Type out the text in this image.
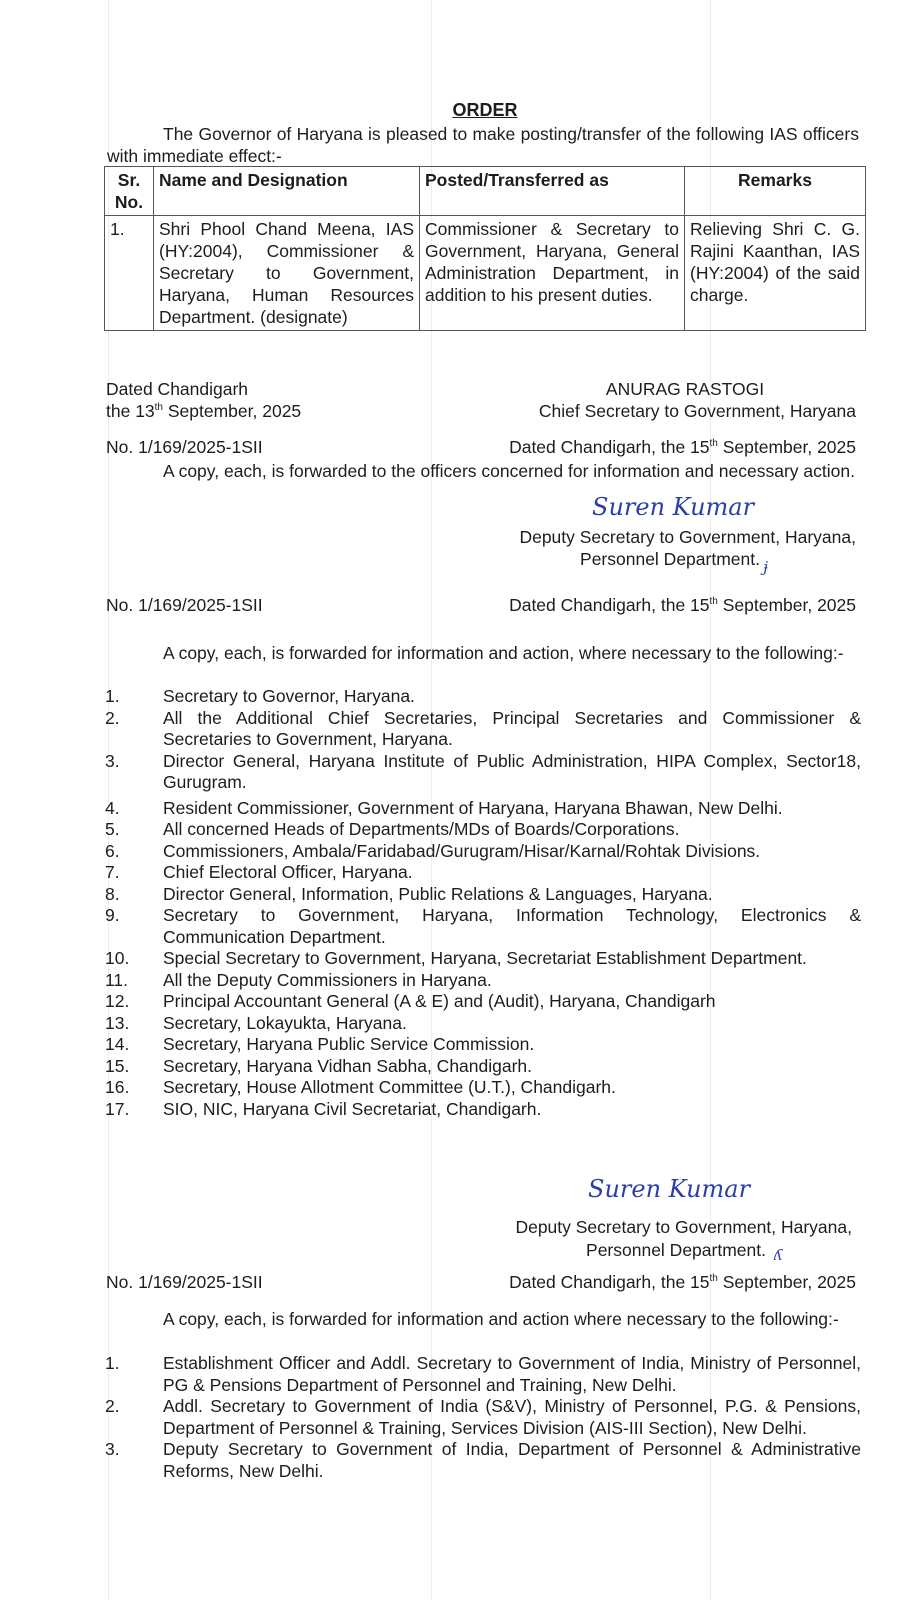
ORDER
The Governor of Haryana is pleased to make posting/transfer of the following IAS officers with immediate effect:-
Sr. No.	Name and Designation	Posted/Transferred as	Remarks
1.	Shri Phool Chand Meena, IAS (HY:2004), Commissioner & Secretary to Government, Haryana, Human Resources Department. (designate)	Commissioner & Secretary to Government, Haryana, General Administration Department, in addition to his present duties.	Relieving Shri C. G. Rajini Kaanthan, IAS (HY:2004) of the said charge.
Dated Chandigarh
the 13th September, 2025
ANURAG RASTOGI
Chief Secretary to Government, Haryana
No. 1/169/2025-1SII	Dated Chandigarh, the 15th September, 2025
A copy, each, is forwarded to the officers concerned for information and necessary action.
Suren Kumar
Deputy Secretary to Government, Haryana,
Personnel Department. ɉ
No. 1/169/2025-1SII	Dated Chandigarh, the 15th September, 2025
A copy, each, is forwarded for information and action, where necessary to the following:-
1. Secretary to Governor, Haryana.
2. All the Additional Chief Secretaries, Principal Secretaries and Commissioner & Secretaries to Government, Haryana.
3. Director General, Haryana Institute of Public Administration, HIPA Complex, Sector18, Gurugram.
4. Resident Commissioner, Government of Haryana, Haryana Bhawan, New Delhi.
5. All concerned Heads of Departments/MDs of Boards/Corporations.
6. Commissioners, Ambala/Faridabad/Gurugram/Hisar/Karnal/Rohtak Divisions.
7. Chief Electoral Officer, Haryana.
8. Director General, Information, Public Relations & Languages, Haryana.
9. Secretary to Government, Haryana, Information Technology, Electronics & Communication Department.
10. Special Secretary to Government, Haryana, Secretariat Establishment Department.
11. All the Deputy Commissioners in Haryana.
12. Principal Accountant General (A & E) and (Audit), Haryana, Chandigarh
13. Secretary, Lokayukta, Haryana.
14. Secretary, Haryana Public Service Commission.
15. Secretary, Haryana Vidhan Sabha, Chandigarh.
16. Secretary, House Allotment Committee (U.T.), Chandigarh.
17. SIO, NIC, Haryana Civil Secretariat, Chandigarh.
Suren Kumar
Deputy Secretary to Government, Haryana,
Personnel Department. ʎ
No. 1/169/2025-1SII	Dated Chandigarh, the 15th September, 2025
A copy, each, is forwarded for information and action where necessary to the following:-
1. Establishment Officer and Addl. Secretary to Government of India, Ministry of Personnel, PG & Pensions Department of Personnel and Training, New Delhi.
2. Addl. Secretary to Government of India (S&V), Ministry of Personnel, P.G. & Pensions, Department of Personnel & Training, Services Division (AIS-III Section), New Delhi.
3. Deputy Secretary to Government of India, Department of Personnel & Administrative Reforms, New Delhi.
